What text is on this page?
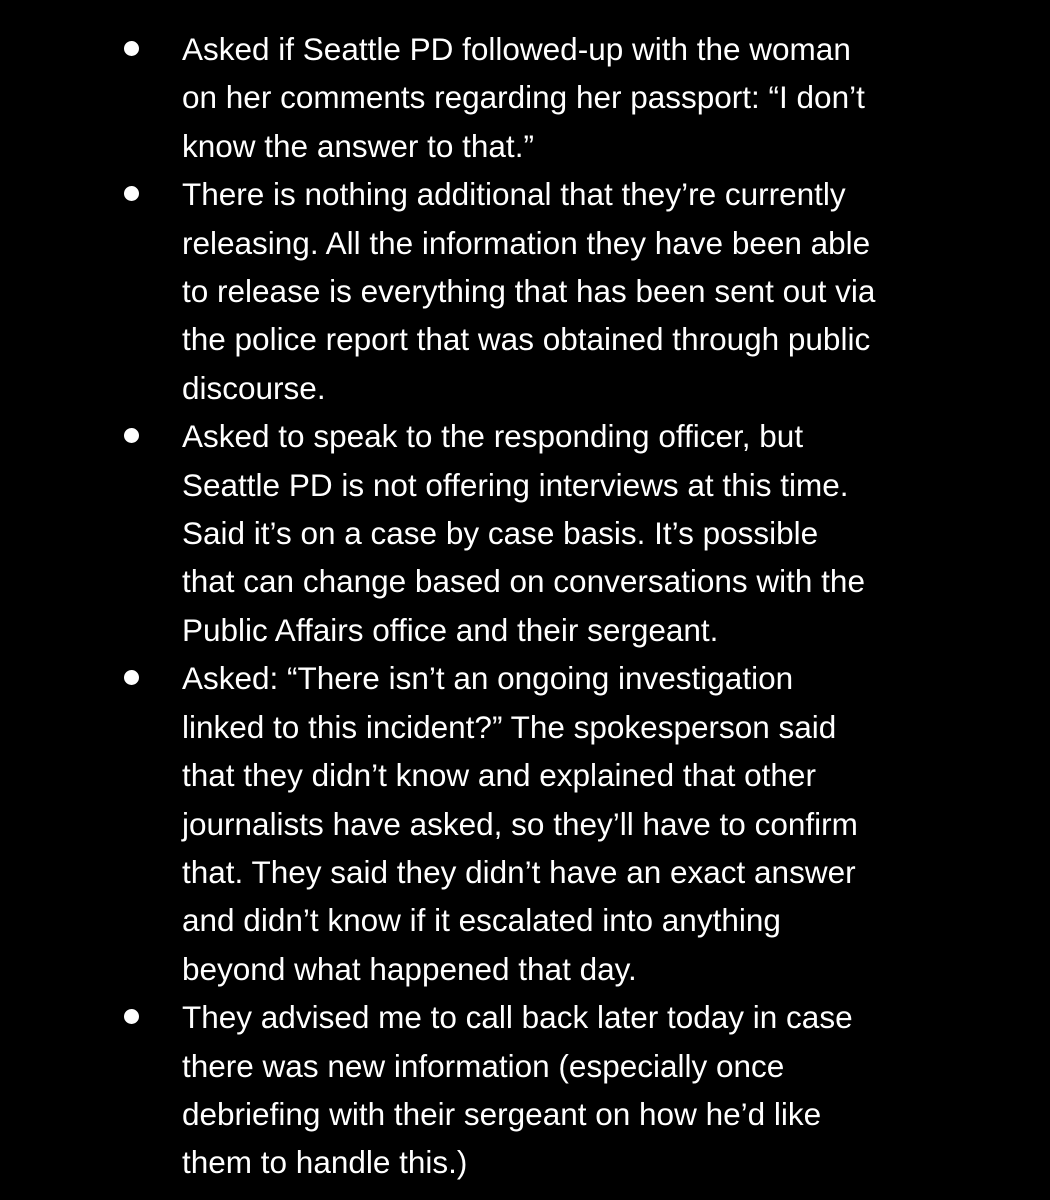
Asked if Seattle PD followed-up with the woman
on her comments regarding her passport: “I don’t
know the answer to that.”
There is nothing additional that they’re currently
releasing. All the information they have been able
to release is everything that has been sent out via
the police report that was obtained through public
discourse.
Asked to speak to the responding officer, but
Seattle PD is not offering interviews at this time.
Said it’s on a case by case basis. It’s possible
that can change based on conversations with the
Public Affairs office and their sergeant.
Asked: “There isn’t an ongoing investigation
linked to this incident?” The spokesperson said
that they didn’t know and explained that other
journalists have asked, so they’ll have to confirm
that. They said they didn’t have an exact answer
and didn’t know if it escalated into anything
beyond what happened that day.
They advised me to call back later today in case
there was new information (especially once
debriefing with their sergeant on how he’d like
them to handle this.)
